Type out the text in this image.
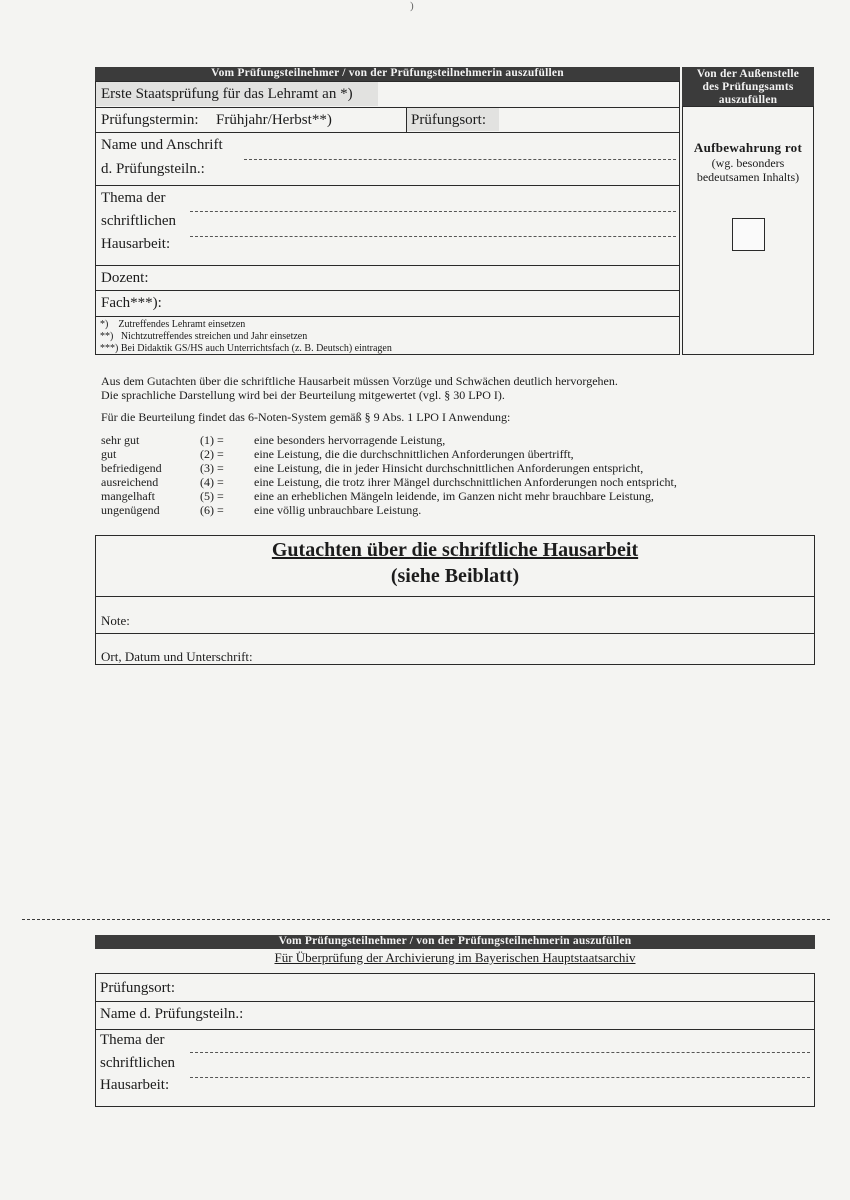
)
Vom Prüfungsteilnehmer / von der Prüfungsteilnehmerin auszufüllen
Erste Staatsprüfung für das Lehramt an *)
Prüfungstermin: Frühjahr/Herbst**)	Prüfungsort:
Name und Anschrift
d. Prüfungsteiln.:
Thema der
schriftlichen
Hausarbeit:
Dozent:
Fach***):
*)    Zutreffendes Lehramt einsetzen
**)   Nichtzutreffendes streichen und Jahr einsetzen
***) Bei Didaktik GS/HS auch Unterrichtsfach (z. B. Deutsch) eintragen
Von der Außenstelle
des Prüfungsamts
auszufüllen
Aufbewahrung rot
(wg. besonders
bedeutsamen Inhalts)
Aus dem Gutachten über die schriftliche Hausarbeit müssen Vorzüge und Schwächen deutlich hervorgehen.
Die sprachliche Darstellung wird bei der Beurteilung mitgewertet (vgl. § 30 LPO I).
Für die Beurteilung findet das 6-Noten-System gemäß § 9 Abs. 1 LPO I Anwendung:
sehr gut	(1) =	eine besonders hervorragende Leistung,
gut	(2) =	eine Leistung, die die durchschnittlichen Anforderungen übertrifft,
befriedigend	(3) =	eine Leistung, die in jeder Hinsicht durchschnittlichen Anforderungen entspricht,
ausreichend	(4) =	eine Leistung, die trotz ihrer Mängel durchschnittlichen Anforderungen noch entspricht,
mangelhaft	(5) =	eine an erheblichen Mängeln leidende, im Ganzen nicht mehr brauchbare Leistung,
ungenügend	(6) =	eine völlig unbrauchbare Leistung.
Gutachten über die schriftliche Hausarbeit
(siehe Beiblatt)
Note:
Ort, Datum und Unterschrift:
Vom Prüfungsteilnehmer / von der Prüfungsteilnehmerin auszufüllen
Für Überprüfung der Archivierung im Bayerischen Hauptstaatsarchiv
Prüfungsort:
Name d. Prüfungsteiln.:
Thema der
schriftlichen
Hausarbeit:
